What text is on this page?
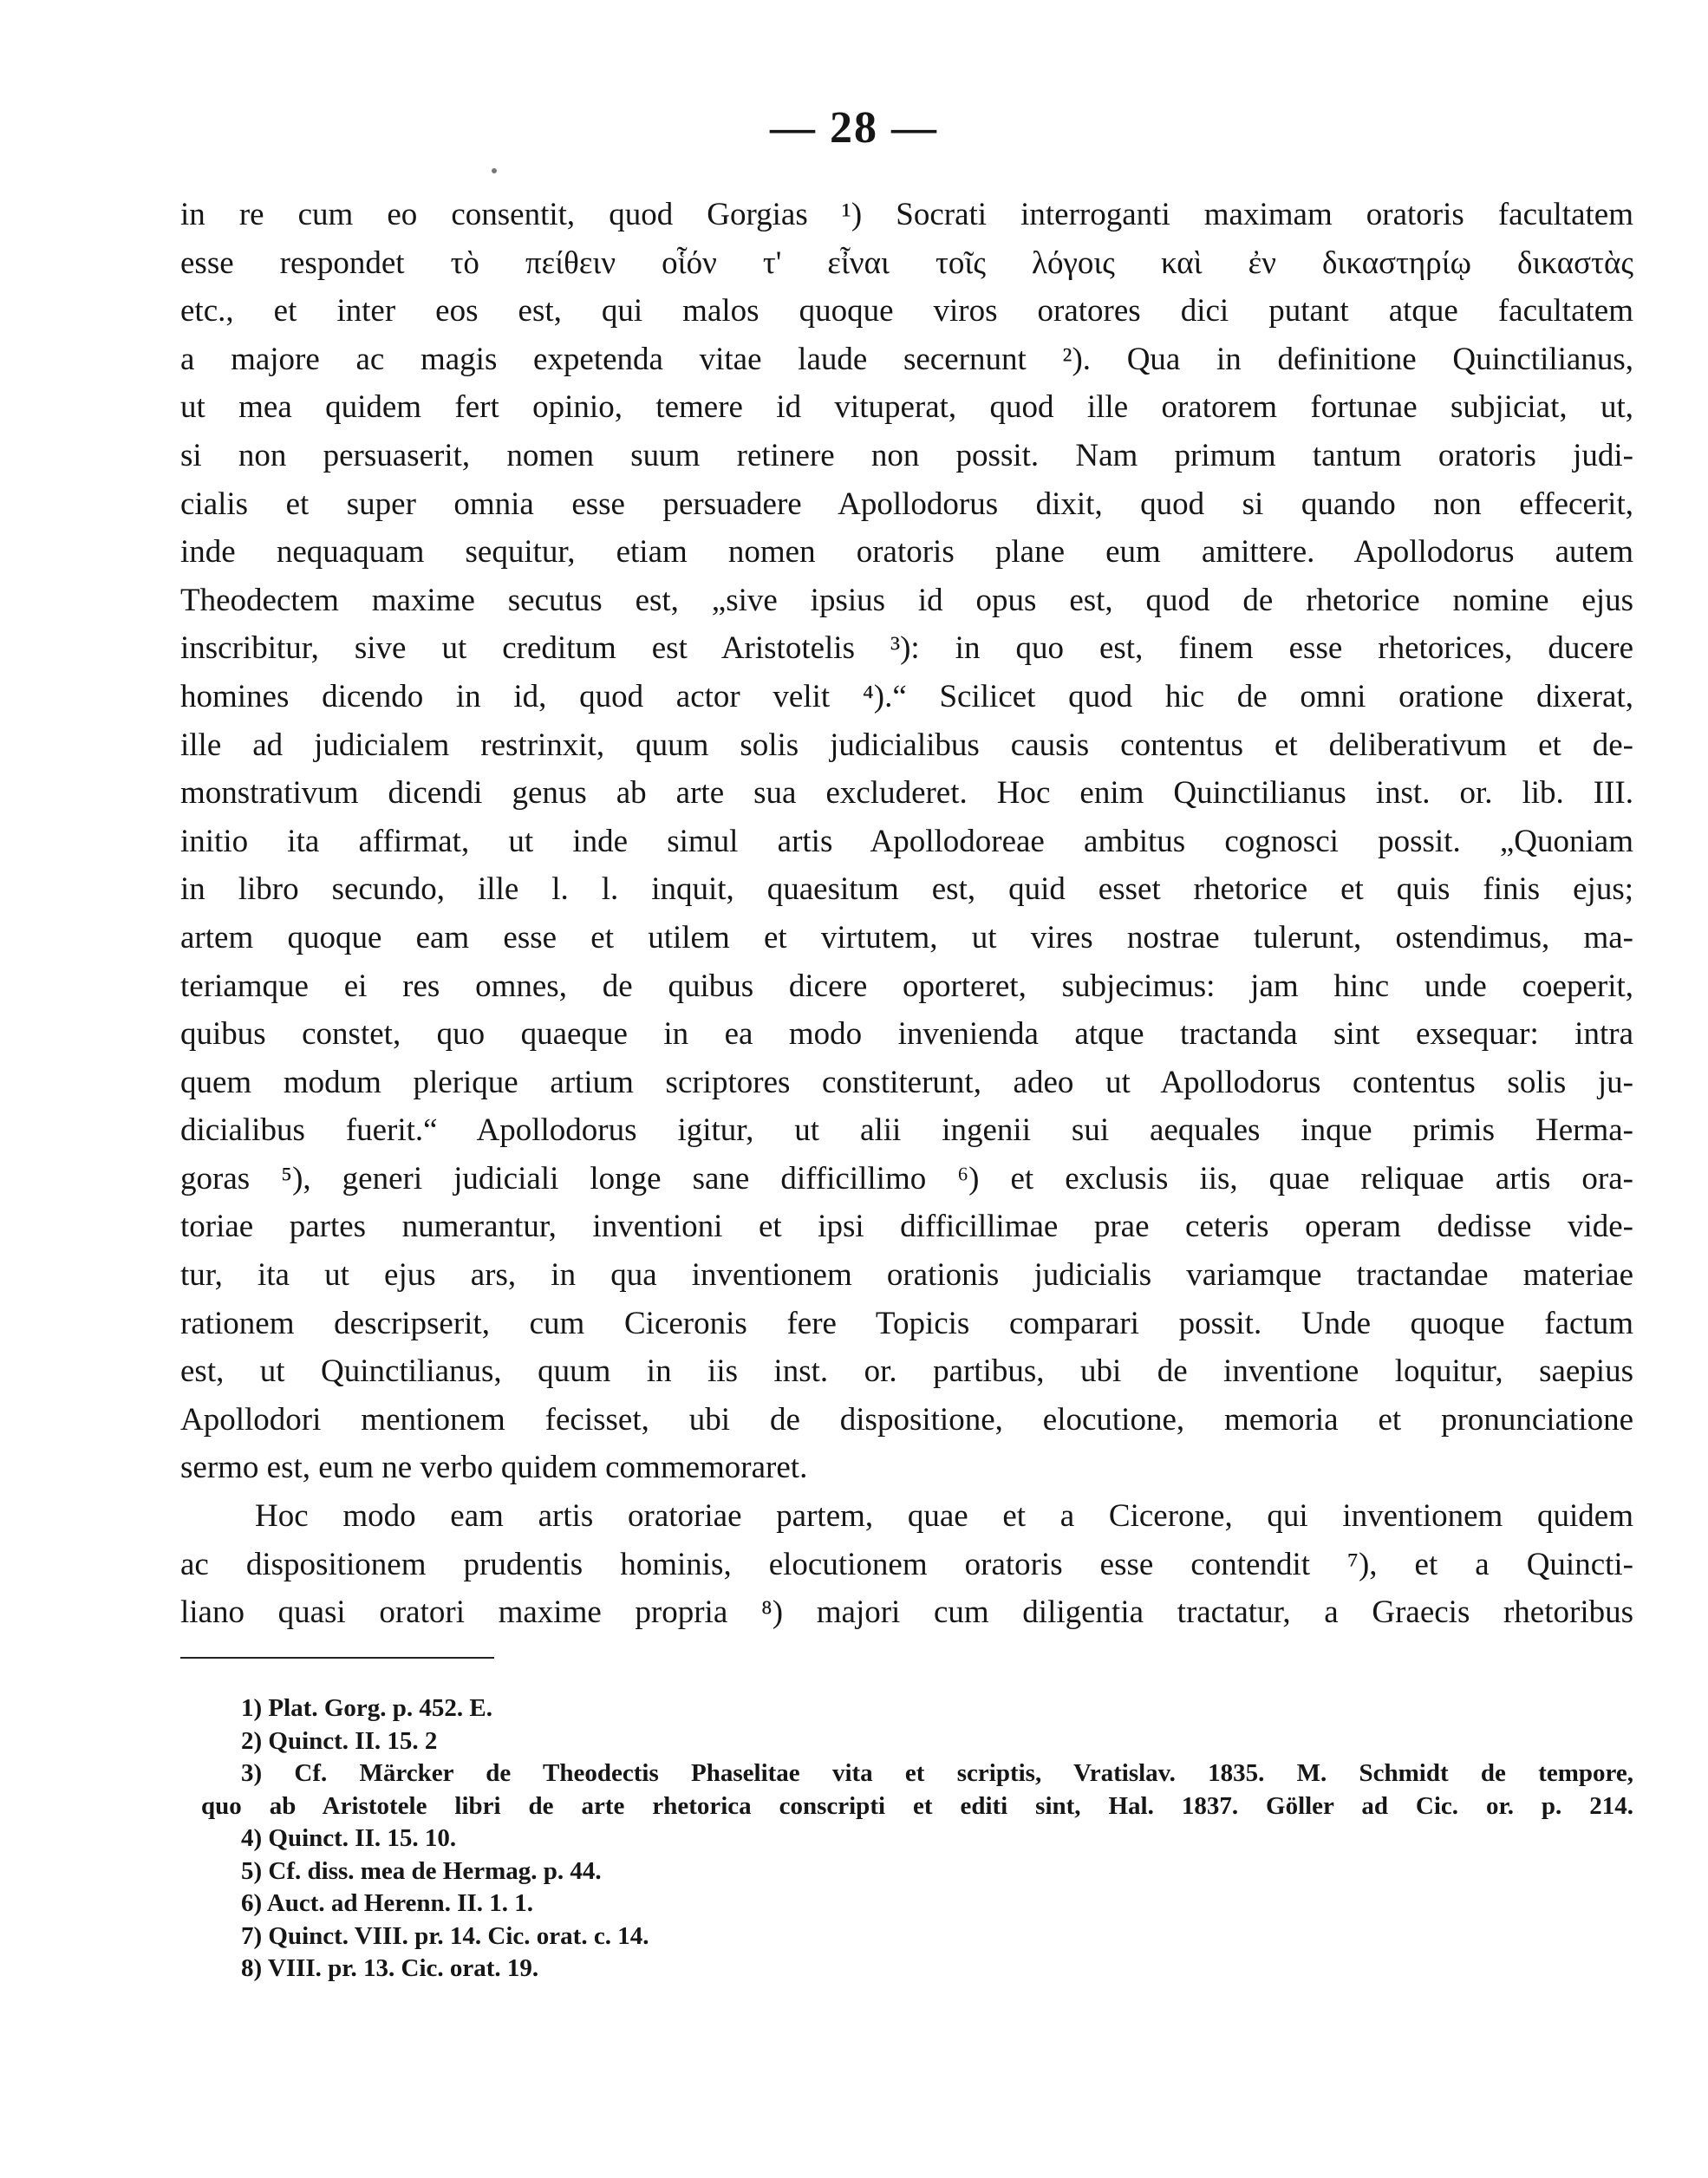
— 28 —
in re cum eo consentit, quod Gorgias ¹) Socrati interroganti maximam oratoris facultatem
esse respondet τὸ πείθειν οἷόν τ' εἶναι τοῖς λόγοις καὶ ἐν δικαστηρίῳ δικαστὰς
etc., et inter eos est, qui malos quoque viros oratores dici putant atque facultatem
a majore ac magis expetenda vitae laude secernunt ²). Qua in definitione Quinctilianus,
ut mea quidem fert opinio, temere id vituperat, quod ille oratorem fortunae subjiciat, ut,
si non persuaserit, nomen suum retinere non possit. Nam primum tantum oratoris judi-
cialis et super omnia esse persuadere Apollodorus dixit, quod si quando non effecerit,
inde nequaquam sequitur, etiam nomen oratoris plane eum amittere. Apollodorus autem
Theodectem maxime secutus est, „sive ipsius id opus est, quod de rhetorice nomine ejus
inscribitur, sive ut creditum est Aristotelis ³): in quo est, finem esse rhetorices, ducere
homines dicendo in id, quod actor velit ⁴).“ Scilicet quod hic de omni oratione dixerat,
ille ad judicialem restrinxit, quum solis judicialibus causis contentus et deliberativum et de-
monstrativum dicendi genus ab arte sua excluderet. Hoc enim Quinctilianus inst. or. lib. III.
initio ita affirmat, ut inde simul artis Apollodoreae ambitus cognosci possit. „Quoniam
in libro secundo, ille l. l. inquit, quaesitum est, quid esset rhetorice et quis finis ejus;
artem quoque eam esse et utilem et virtutem, ut vires nostrae tulerunt, ostendimus, ma-
teriamque ei res omnes, de quibus dicere oporteret, subjecimus: jam hinc unde coeperit,
quibus constet, quo quaeque in ea modo invenienda atque tractanda sint exsequar: intra
quem modum plerique artium scriptores constiterunt, adeo ut Apollodorus contentus solis ju-
dicialibus fuerit.“ Apollodorus igitur, ut alii ingenii sui aequales inque primis Herma-
goras ⁵), generi judiciali longe sane difficillimo ⁶) et exclusis iis, quae reliquae artis ora-
toriae partes numerantur, inventioni et ipsi difficillimae prae ceteris operam dedisse vide-
tur, ita ut ejus ars, in qua inventionem orationis judicialis variamque tractandae materiae
rationem descripserit, cum Ciceronis fere Topicis comparari possit. Unde quoque factum
est, ut Quinctilianus, quum in iis inst. or. partibus, ubi de inventione loquitur, saepius
Apollodori mentionem fecisset, ubi de dispositione, elocutione, memoria et pronunciatione
sermo est, eum ne verbo quidem commemoraret.
Hoc modo eam artis oratoriae partem, quae et a Cicerone, qui inventionem quidem
ac dispositionem prudentis hominis, elocutionem oratoris esse contendit ⁷), et a Quincti-
liano quasi oratori maxime propria ⁸) majori cum diligentia tractatur, a Graecis rhetoribus
1) Plat. Gorg. p. 452. E.
2) Quinct. II. 15. 2
3) Cf. Märcker de Theodectis Phaselitae vita et scriptis, Vratislav. 1835. M. Schmidt de tempore,
quo ab Aristotele libri de arte rhetorica conscripti et editi sint, Hal. 1837. Göller ad Cic. or. p. 214.
4) Quinct. II. 15. 10.
5) Cf. diss. mea de Hermag. p. 44.
6) Auct. ad Herenn. II. 1. 1.
7) Quinct. VIII. pr. 14. Cic. orat. c. 14.
8) VIII. pr. 13. Cic. orat. 19.
